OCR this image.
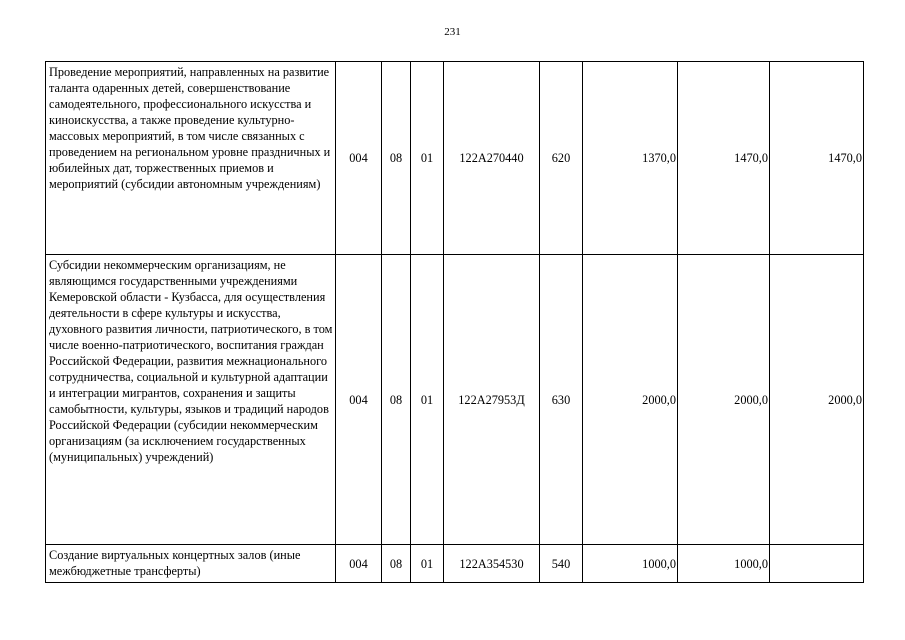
231
Проведение мероприятий, направленных на развитие таланта одаренных детей, совершенствование самодеятельного, профессионального искусства и киноискусства, а также проведение культурно-массовых мероприятий, в том числе связанных с проведением на региональном уровне праздничных и юбилейных дат, торжественных приемов и мероприятий (субсидии автономным учреждениям)	004	08	01	122A270440	620	1370,0	1470,0	1470,0
Субсидии некоммерческим организациям, не являющимся государственными учреждениями Кемеровской области - Кузбасса, для осуществления деятельности в сфере культуры и искусства, духовного развития личности, патриотического, в том числе военно-патриотического, воспитания граждан Российской Федерации, развития межнационального сотрудничества, социальной и культурной адаптации и интеграции мигрантов, сохранения и защиты самобытности, культуры, языков и традиций народов Российской Федерации (субсидии некоммерческим организациям (за исключением государственных (муниципальных) учреждений)	004	08	01	122A27953Д	630	2000,0	2000,0	2000,0
Создание виртуальных концертных залов (иные межбюджетные трансферты)	004	08	01	122A354530	540	1000,0	1000,0	
